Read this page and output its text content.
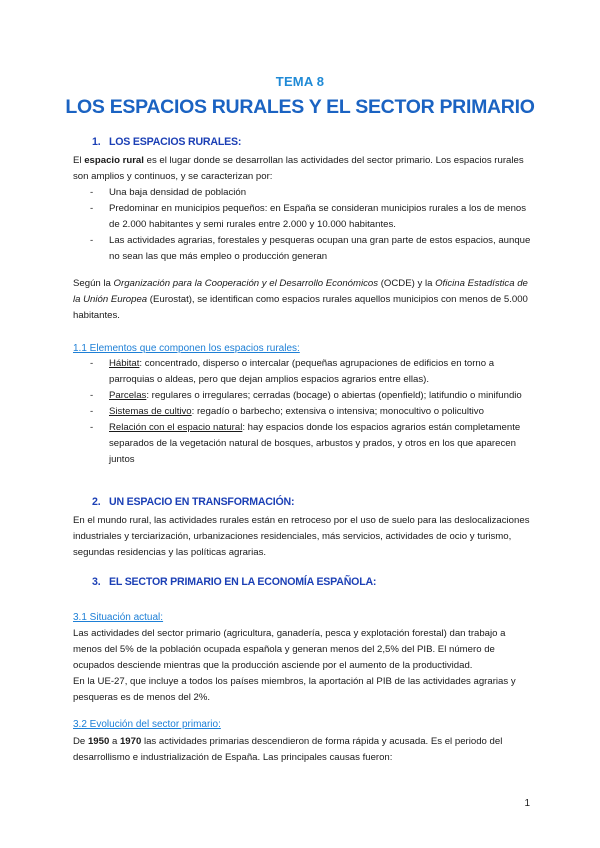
TEMA 8
LOS ESPACIOS RURALES Y EL SECTOR PRIMARIO
1. LOS ESPACIOS RURALES:

El espacio rural es el lugar donde se desarrollan las actividades del sector primario. Los espacios rurales son amplios y continuos, y se caracterizan por:

- Una baja densidad de población
- Predominar en municipios pequeños: en España se consideran municipios rurales a los de menos de 2.000 habitantes y semi rurales entre 2.000 y 10.000 habitantes.
- Las actividades agrarias, forestales y pesqueras ocupan una gran parte de estos espacios, aunque no sean las que más empleo o producción generan

Según la Organización para la Cooperación y el Desarrollo Económicos (OCDE) y la Oficina Estadística de la Unión Europea (Eurostat), se identifican como espacios rurales aquellos municipios con menos de 5.000 habitantes.

1.1 Elementos que componen los espacios rurales:
- Hábitat: concentrado, disperso o intercalar (pequeñas agrupaciones de edificios en torno a parroquias o aldeas, pero que dejan amplios espacios agrarios entre ellas).
- Parcelas: regulares o irregulares; cerradas (bocage) o abiertas (openfield); latifundio o minifundio
- Sistemas de cultivo: regadío o barbecho; extensiva o intensiva; monocultivo o policultivo
- Relación con el espacio natural: hay espacios donde los espacios agrarios están completamente separados de la vegetación natural de bosques, arbustos y prados, y otros en los que aparecen juntos
2. UN ESPACIO EN TRANSFORMACIÓN:

En el mundo rural, las actividades rurales están en retroceso por el uso de suelo para las deslocalizaciones industriales y terciarización, urbanizaciones residenciales, más servicios, actividades de ocio y turismo, segundas residencias y las políticas agrarias.

3. EL SECTOR PRIMARIO EN LA ECONOMÍA ESPAÑOLA:
3.1 Situación actual:

Las actividades del sector primario (agricultura, ganadería, pesca y explotación forestal) dan trabajo a menos del 5% de la población ocupada española y generan menos del 2,5% del PIB. El número de ocupados desciende mientras que la producción asciende por el aumento de la productividad.

En la UE-27, que incluye a todos los países miembros, la aportación al PIB de las actividades agrarias y pesqueras es de menos del 2%.

3.2 Evolución del sector primario:

De 1950 a 1970 las actividades primarias descendieron de forma rápida y acusada. Es el periodo del desarrollismo e industrialización de España. Las principales causas fueron:

1
